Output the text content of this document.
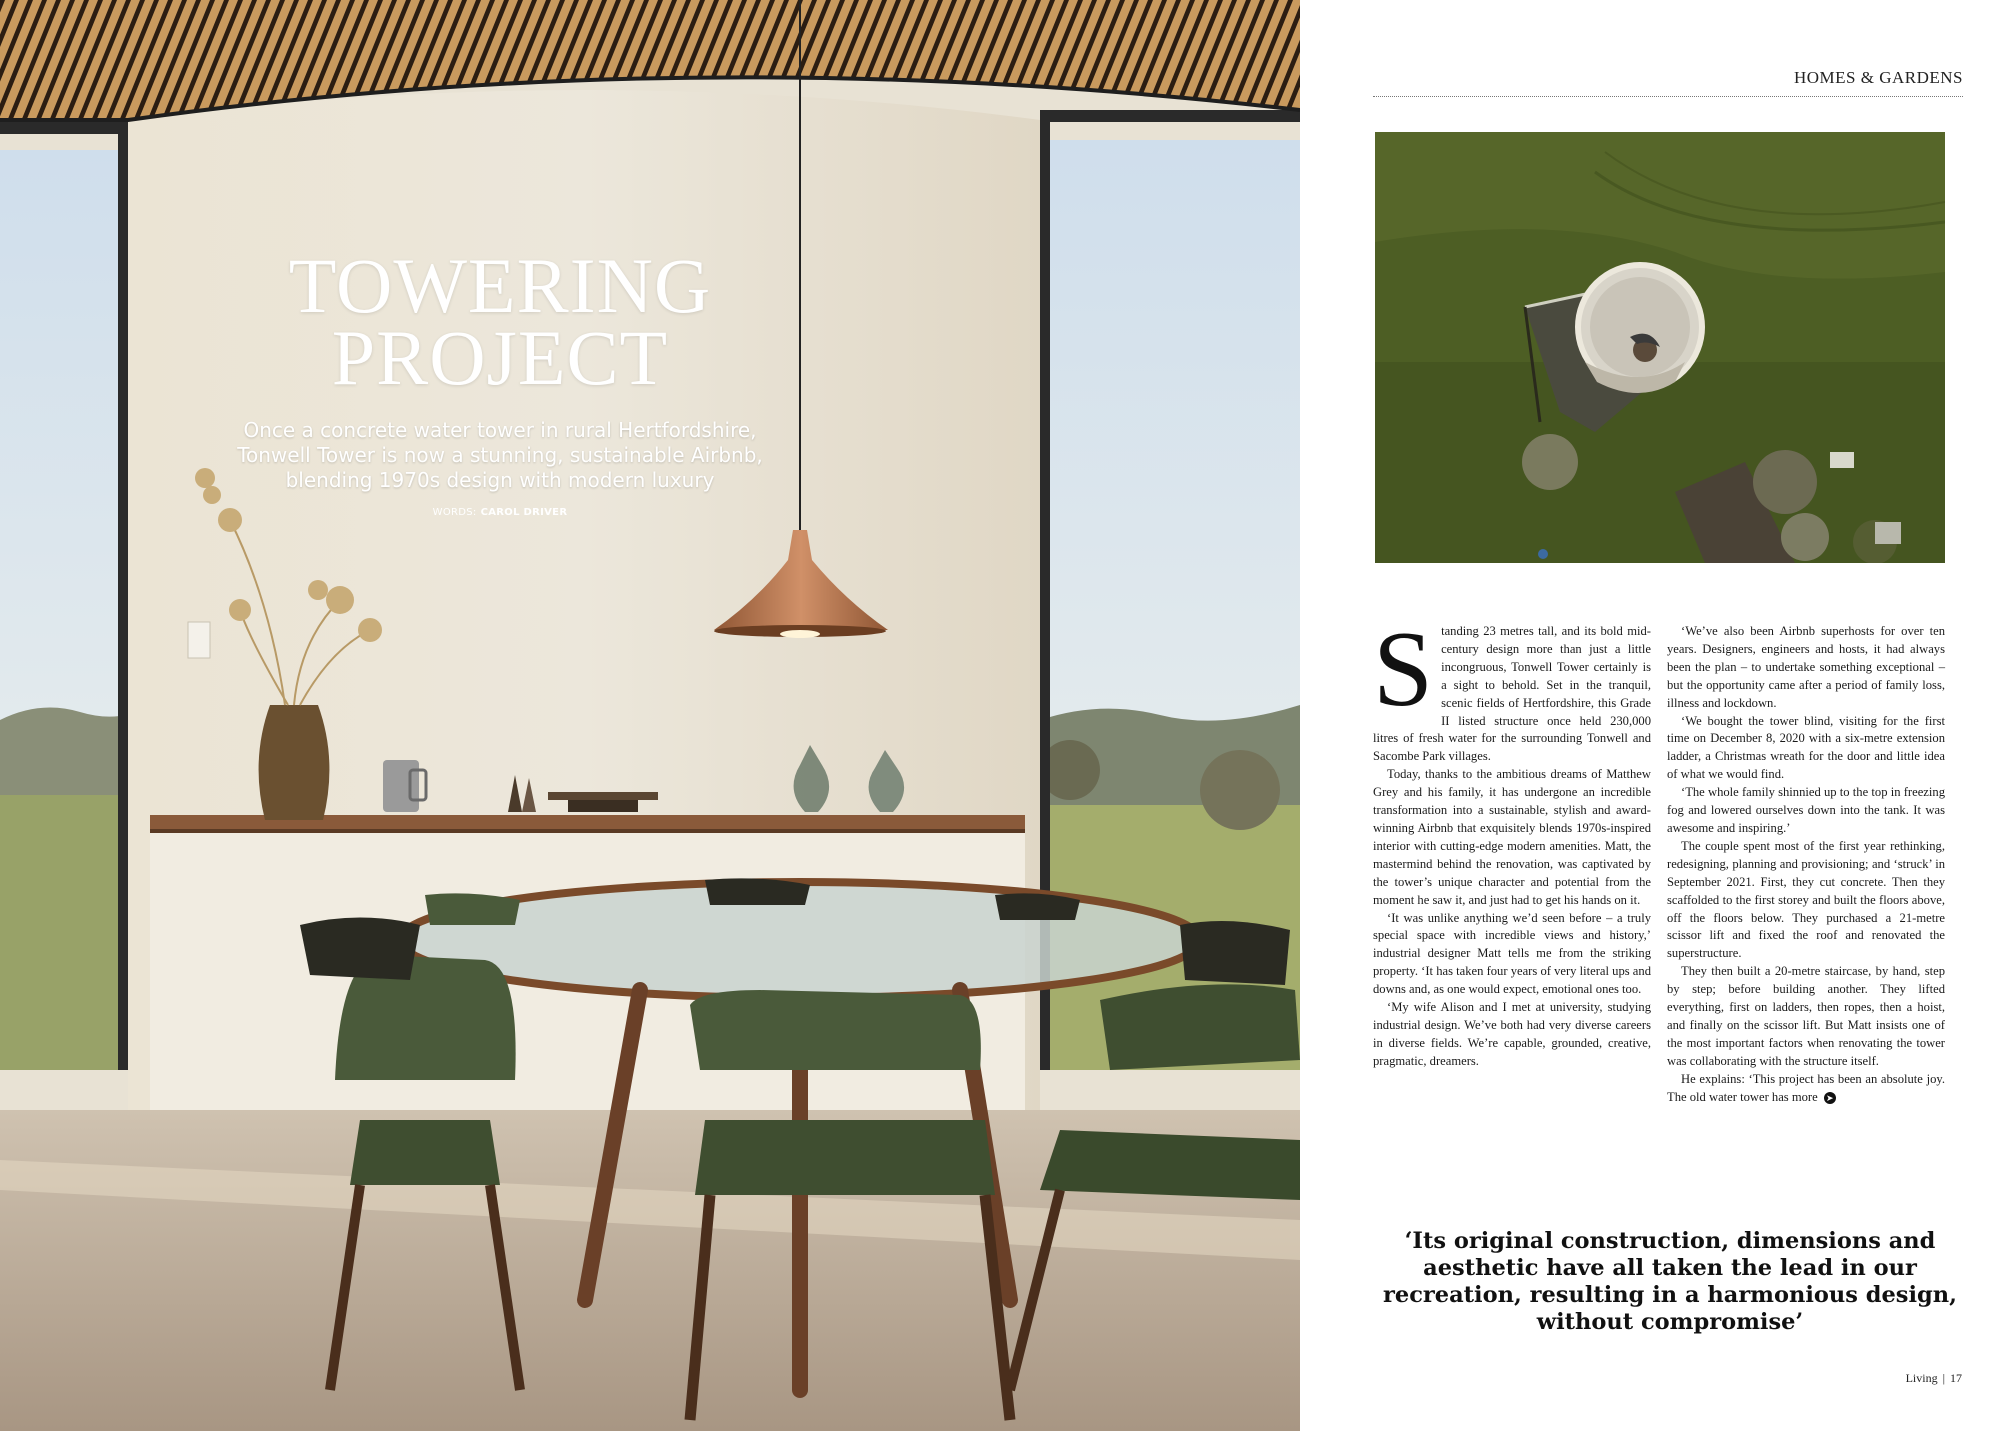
TOWERING
PROJECT

Once a concrete water tower in rural Hertfordshire, Tonwell Tower is now a stunning, sustainable Airbnb, blending 1970s design with modern luxury

WORDS: CAROL DRIVER
HOMES & GARDENS

Standing 23 metres tall, and its bold mid-century design more than just a little incongruous, Tonwell Tower certainly is a sight to behold. Set in the tranquil, scenic fields of Hertfordshire, this Grade II listed structure once held 230,000 litres of fresh water for the surrounding Tonwell and Sacombe Park villages.

Today, thanks to the ambitious dreams of Matthew Grey and his family, it has undergone an incredible transformation into a sustainable, stylish and award-winning Airbnb that exquisitely blends 1970s-inspired interior with cutting-edge modern amenities. Matt, the mastermind behind the renovation, was captivated by the tower’s unique character and potential from the moment he saw it, and just had to get his hands on it.

‘It was unlike anything we’d seen before – a truly special space with incredible views and history,’ industrial designer Matt tells me from the striking property. ‘It has taken four years of very literal ups and downs and, as one would expect, emotional ones too.

‘My wife Alison and I met at university, studying industrial design. We’ve both had very diverse careers in diverse fields. We’re capable, grounded, creative, pragmatic, dreamers.

‘We’ve also been Airbnb superhosts for over ten years. Designers, engineers and hosts, it had always been the plan – to undertake something exceptional – but the opportunity came after a period of family loss, illness and lockdown.

‘We bought the tower blind, visiting for the first time on December 8, 2020 with a six-metre extension ladder, a Christmas wreath for the door and little idea of what we would find.

‘The whole family shinnied up to the top in freezing fog and lowered ourselves down into the tank. It was awesome and inspiring.’

The couple spent most of the first year rethinking, redesigning, planning and provisioning; and ‘struck’ in September 2021. First, they cut concrete. Then they scaffolded to the first storey and built the floors above, off the floors below. They purchased a 21-metre scissor lift and fixed the roof and renovated the superstructure.

They then built a 20-metre staircase, by hand, step by step; before building another. They lifted everything, first on ladders, then ropes, then a hoist, and finally on the scissor lift. But Matt insists one of the most important factors when renovating the tower was collaborating with the structure itself.

He explains: ‘This project has been an absolute joy. The old water tower has more ➤

‘Its original construction, dimensions and aesthetic have all taken the lead in our recreation, resulting in a harmonious design, without compromise’
Living | 17
